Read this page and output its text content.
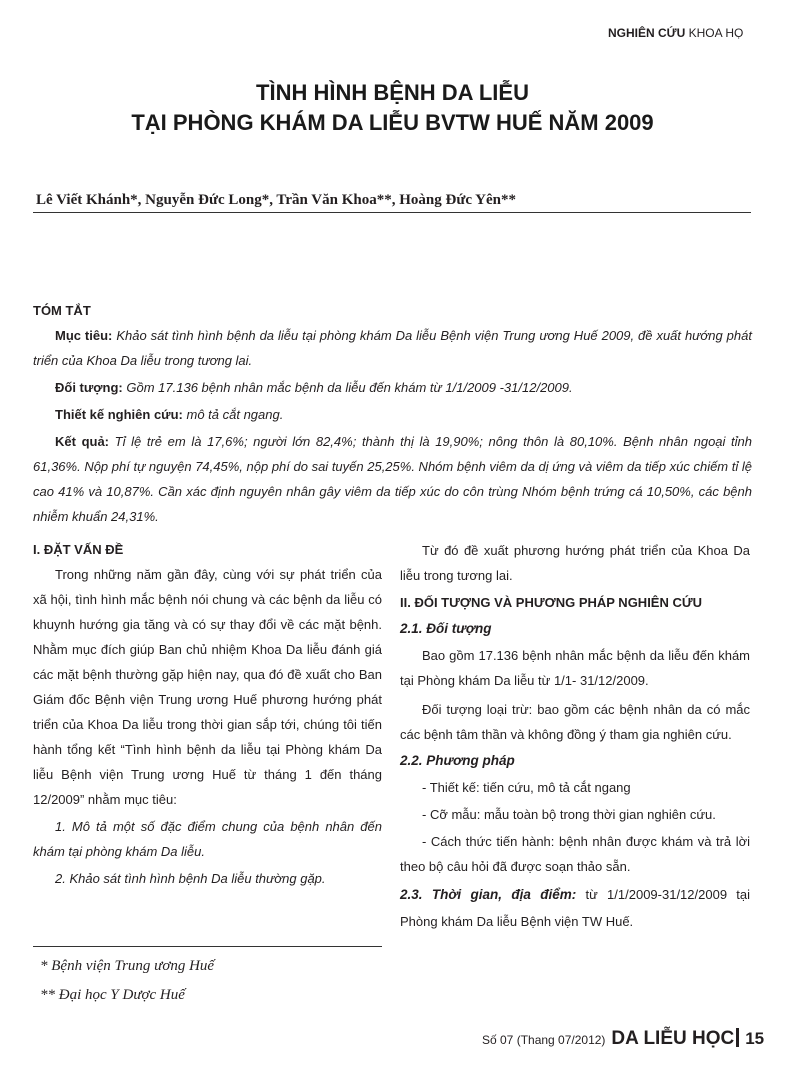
NGHIÊN CỨU KHOA HỌ
TÌNH HÌNH BỆNH DA LIỄU
TẠI PHÒNG KHÁM DA LIỄU BVTW HUẾ NĂM 2009
Lê Viết Khánh*, Nguyễn Đức Long*, Trần Văn Khoa**, Hoàng Đức Yên**
TÓM TẮT

Mục tiêu: Khảo sát tình hình bệnh da liễu tại phòng khám Da liễu Bệnh viện Trung ương Huế 2009, đề xuất hướng phát triển của Khoa Da liễu trong tương lai.

Đối tượng: Gồm 17.136 bệnh nhân mắc bệnh da liễu đến khám từ 1/1/2009 -31/12/2009.

Thiết kế nghiên cứu: mô tả cắt ngang.

Kết quả: Tỉ lệ trẻ em là 17,6%; người lớn 82,4%; thành thị là 19,90%; nông thôn là 80,10%. Bệnh nhân ngoại tỉnh 61,36%. Nộp phí tự nguyện 74,45%, nộp phí do sai tuyến 25,25%. Nhóm bệnh viêm da dị ứng và viêm da tiếp xúc chiếm tỉ lệ cao 41% và 10,87%. Cần xác định nguyên nhân gây viêm da tiếp xúc do côn trùng Nhóm bệnh trứng cá 10,50%, các bệnh nhiễm khuẩn 24,31%.

I. ĐẶT VẤN ĐỀ

Trong những năm gần đây, cùng với sự phát triển của xã hội, tình hình mắc bệnh nói chung và các bệnh da liễu có khuynh hướng gia tăng và có sự thay đổi về các mặt bệnh. Nhằm mục đích giúp Ban chủ nhiệm Khoa Da liễu đánh giá các mặt bệnh thường gặp hiện nay, qua đó đề xuất cho Ban Giám đốc Bệnh viện Trung ương Huế phương hướng phát triển của Khoa Da liễu trong thời gian sắp tới, chúng tôi tiến hành tổng kết “Tình hình bệnh da liễu tại Phòng khám Da liễu Bệnh viện Trung ương Huế từ tháng 1 đến tháng 12/2009” nhằm mục tiêu:

1. Mô tả một số đặc điểm chung của bệnh nhân đến khám tại phòng khám Da liễu.

2. Khảo sát tình hình bệnh Da liễu thường gặp.

* Bệnh viện Trung ương Huế
** Đại học Y Dược Huế

Từ đó đề xuất phương hướng phát triển của Khoa Da liễu trong tương lai.

II. ĐỐI TƯỢNG VÀ PHƯƠNG PHÁP NGHIÊN CỨU
2.1. Đối tượng

Bao gồm 17.136 bệnh nhân mắc bệnh da liễu đến khám tại Phòng khám Da liễu từ 1/1- 31/12/2009.

Đối tượng loại trừ: bao gồm các bệnh nhân da có mắc các bệnh tâm thần và không đồng ý tham gia nghiên cứu.

2.2. Phương pháp

- Thiết kế: tiến cứu, mô tả cắt ngang

- Cỡ mẫu: mẫu toàn bộ trong thời gian nghiên cứu.

- Cách thức tiến hành: bệnh nhân được khám và trả lời theo bộ câu hỏi đã được soạn thảo sẵn.

2.3. Thời gian, địa điểm: từ 1/1/2009-31/12/2009 tại Phòng khám Da liễu Bệnh viện TW Huế.

Số 07 (Thang 07/2012) DA LIỄU HỌC 15
